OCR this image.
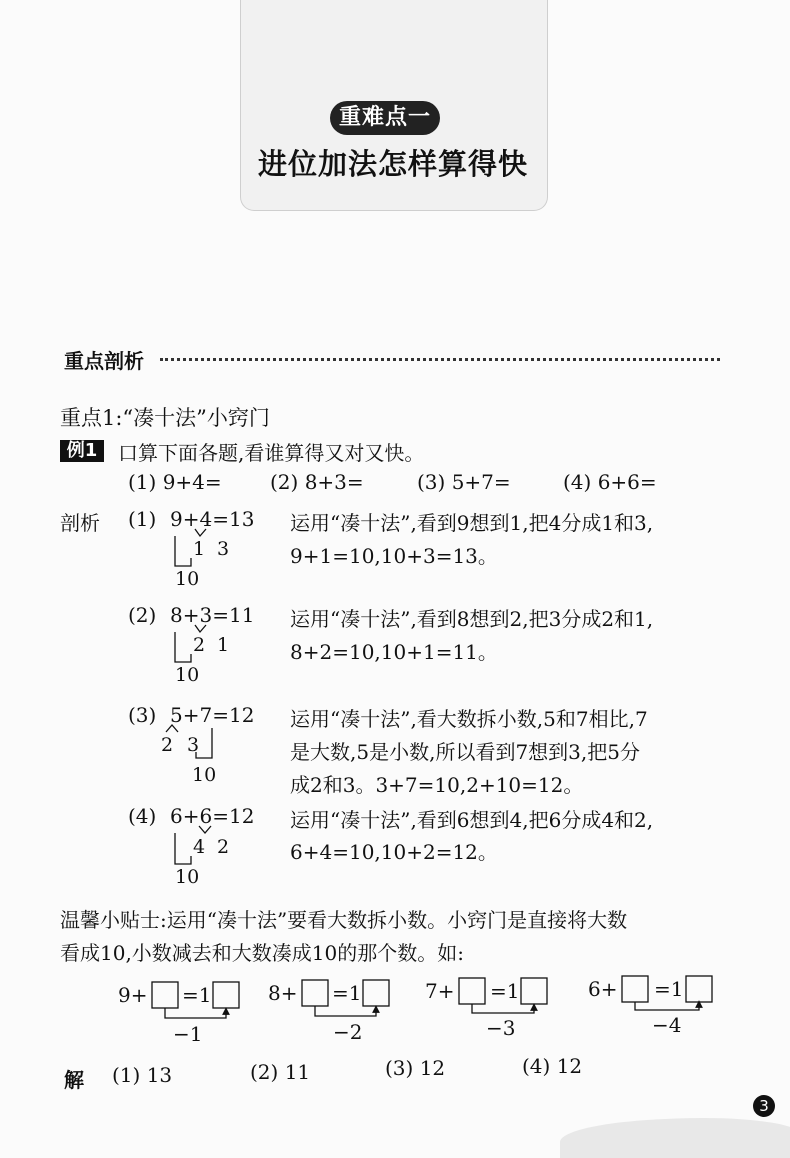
重难点一
进位加法怎样算得快
重点剖析
重点1:“凑十法”小窍门
例1	口算下面各题,看谁算得又对又快。
(1) 9+4= (2) 8+3=	(3) 5+7=	(4) 6+6=
剖析 (1) 9+4=13
1 3
10
运用“凑十法”,看到9想到1,把4分成1和3,
9+1=10,10+3=13。
(2) 8+3=11
2 1
10
运用“凑十法”,看到8想到2,把3分成2和1,
8+2=10,10+1=11。
(3) 5+7=12
2 3
10
运用“凑十法”,看大数拆小数,5和7相比,7
是大数,5是小数,所以看到7想到3,把5分
成2和3。3+7=10,2+10=12。
(4) 6+6=12
4 2
10
运用“凑十法”,看到6想到4,把6分成4和2,
6+4=10,10+2=12。
温馨小贴士:运用“凑十法”要看大数拆小数。小窍门是直接将大数
看成10,小数减去和大数凑成10的那个数。如:
9+ =1
−1
8+ =1
−2
7+ =1
−3
6+ =1
−4
解 (1) 13	(2) 11	(3) 12	(4) 12
3
